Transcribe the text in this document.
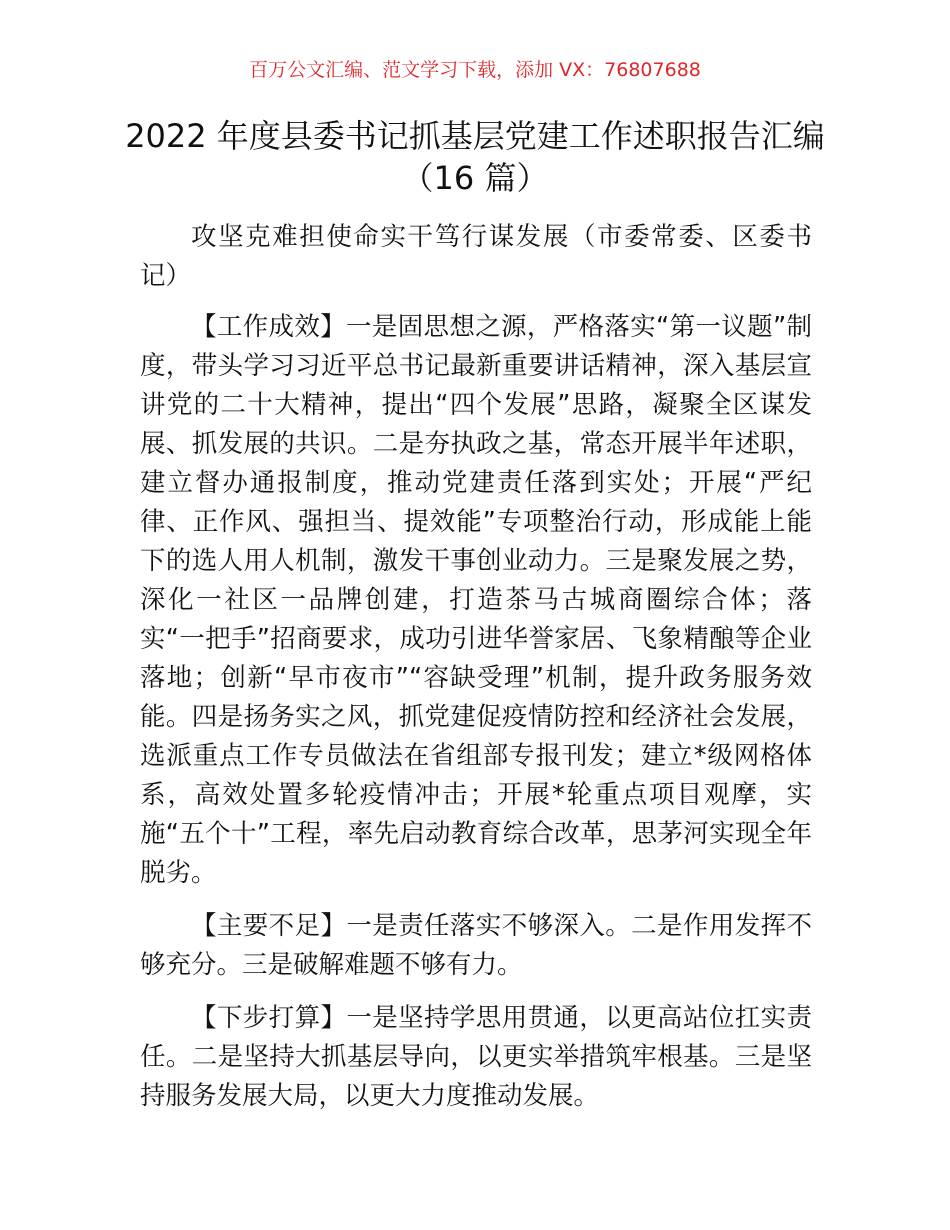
百万公文汇编、范文学习下载，添加 VX：76807688
2022 年度县委书记抓基层党建工作述职报告汇编（16 篇）

攻坚克难担使命实干笃行谋发展（市委常委、区委书记）

【工作成效】一是固思想之源，严格落实“第一议题”制度，带头学习习近平总书记最新重要讲话精神，深入基层宣讲党的二十大精神，提出“四个发展”思路，凝聚全区谋发展、抓发展的共识。二是夯执政之基，常态开展半年述职，建立督办通报制度，推动党建责任落到实处；开展“严纪律、正作风、强担当、提效能”专项整治行动，形成能上能下的选人用人机制，激发干事创业动力。三是聚发展之势，深化一社区一品牌创建，打造茶马古城商圈综合体；落实“一把手”招商要求，成功引进华誉家居、飞象精酿等企业落地；创新“早市夜市”“容缺受理”机制，提升政务服务效能。四是扬务实之风，抓党建促疫情防控和经济社会发展，选派重点工作专员做法在省组部专报刊发；建立*级网格体系，高效处置多轮疫情冲击；开展*轮重点项目观摩，实施“五个十”工程，率先启动教育综合改革，思茅河实现全年脱劣。

【主要不足】一是责任落实不够深入。二是作用发挥不够充分。三是破解难题不够有力。

【下步打算】一是坚持学思用贯通，以更高站位扛实责任。二是坚持大抓基层导向，以更实举措筑牢根基。三是坚持服务发展大局，以更大力度推动发展。
